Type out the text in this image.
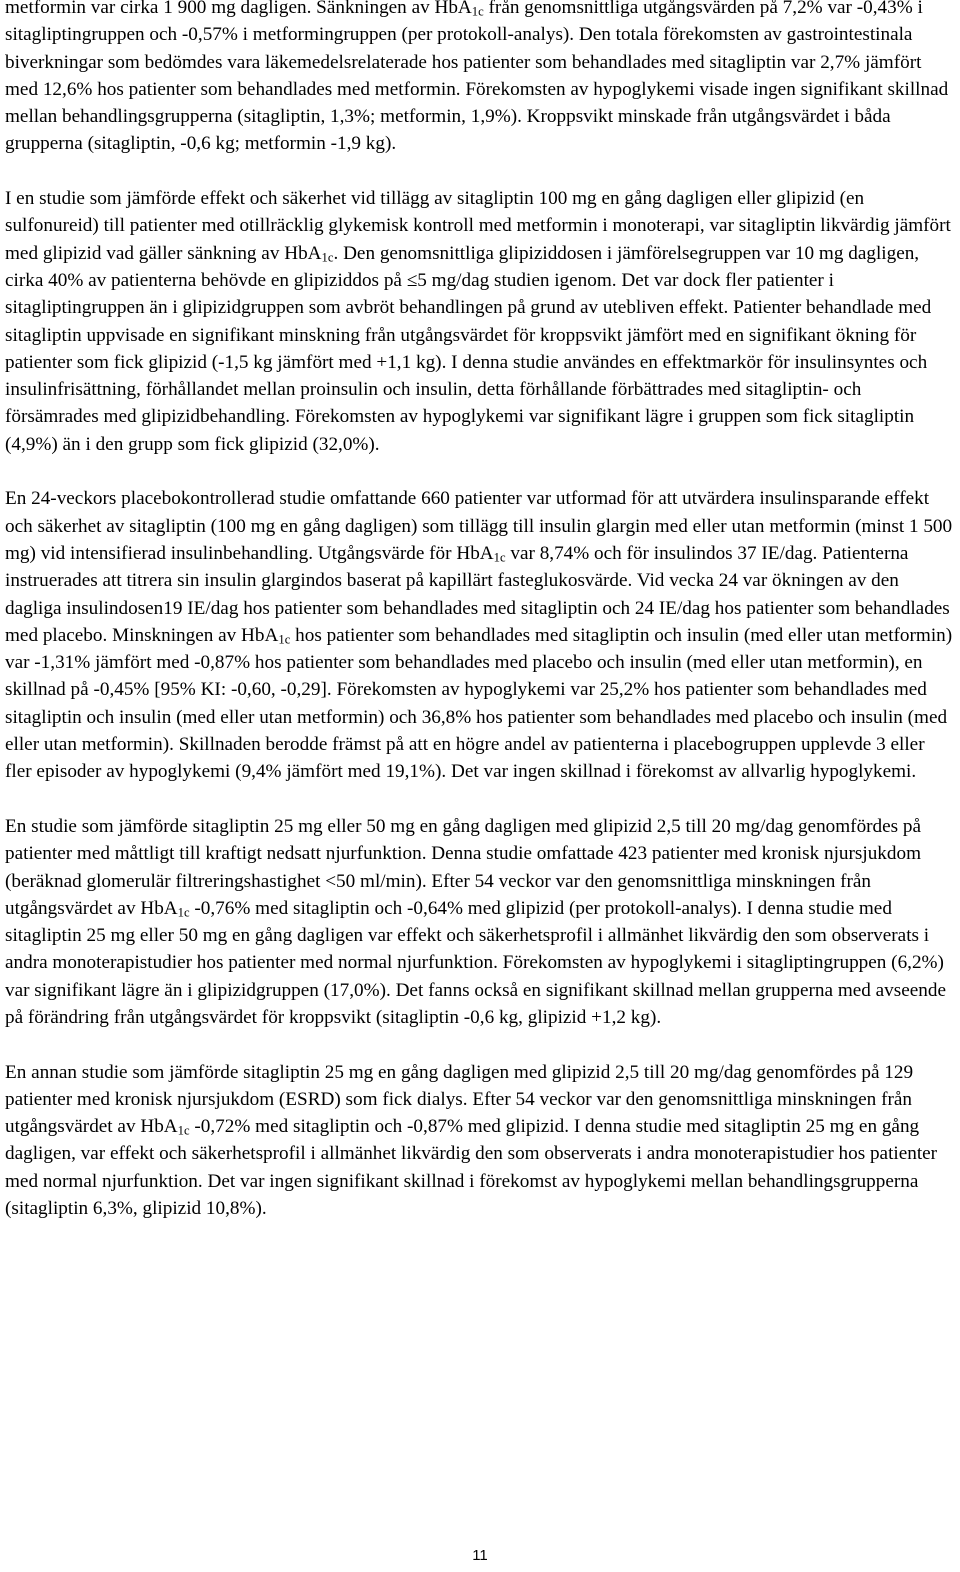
metformin var cirka 1 900 mg dagligen. Sänkningen av HbA1c från genomsnittliga utgångsvärden på 7,2% var -0,43% i sitagliptingruppen och -0,57% i metformingruppen (per protokoll-analys). Den totala förekomsten av gastrointestinala biverkningar som bedömdes vara läkemedelsrelaterade hos patienter som behandlades med sitagliptin var 2,7% jämfört med 12,6% hos patienter som behandlades med metformin. Förekomsten av hypoglykemi visade ingen signifikant skillnad mellan behandlingsgrupperna (sitagliptin, 1,3%; metformin, 1,9%). Kroppsvikt minskade från utgångsvärdet i båda grupperna (sitagliptin, -0,6 kg; metformin -1,9 kg).

I en studie som jämförde effekt och säkerhet vid tillägg av sitagliptin 100 mg en gång dagligen eller glipizid (en sulfonureid) till patienter med otillräcklig glykemisk kontroll med metformin i monoterapi, var sitagliptin likvärdig jämfört med glipizid vad gäller sänkning av HbA1c. Den genomsnittliga glipiziddosen i jämförelsegruppen var 10 mg dagligen, cirka 40% av patienterna behövde en glipiziddos på ≤5 mg/dag studien igenom. Det var dock fler patienter i sitagliptingruppen än i glipizidgruppen som avbröt behandlingen på grund av utebliven effekt. Patienter behandlade med sitagliptin uppvisade en signifikant minskning från utgångsvärdet för kroppsvikt jämfört med en signifikant ökning för patienter som fick glipizid (-1,5 kg jämfört med +1,1 kg). I denna studie användes en effektmarkör för insulinsyntes och insulinfrisättning, förhållandet mellan proinsulin och insulin, detta förhållande förbättrades med sitagliptin- och försämrades med glipizidbehandling. Förekomsten av hypoglykemi var signifikant lägre i gruppen som fick sitagliptin (4,9%) än i den grupp som fick glipizid (32,0%).

En 24-veckors placebokontrollerad studie omfattande 660 patienter var utformad för att utvärdera insulinsparande effekt och säkerhet av sitagliptin (100 mg en gång dagligen) som tillägg till insulin glargin med eller utan metformin (minst 1 500 mg) vid intensifierad insulinbehandling. Utgångsvärde för HbA1c var 8,74% och för insulindos 37 IE/dag. Patienterna instruerades att titrera sin insulin glargindos baserat på kapillärt fasteglukosvärde. Vid vecka 24 var ökningen av den dagliga insulindosen19 IE/dag hos patienter som behandlades med sitagliptin och 24 IE/dag hos patienter som behandlades med placebo. Minskningen av HbA1c hos patienter som behandlades med sitagliptin och insulin (med eller utan metformin) var -1,31% jämfört med -0,87% hos patienter som behandlades med placebo och insulin (med eller utan metformin), en skillnad på -0,45% [95% KI: -0,60, -0,29]. Förekomsten av hypoglykemi var 25,2% hos patienter som behandlades med sitagliptin och insulin (med eller utan metformin) och 36,8% hos patienter som behandlades med placebo och insulin (med eller utan metformin). Skillnaden berodde främst på att en högre andel av patienterna i placebogruppen upplevde 3 eller fler episoder av hypoglykemi (9,4% jämfört med 19,1%). Det var ingen skillnad i förekomst av allvarlig hypoglykemi.

En studie som jämförde sitagliptin 25 mg eller 50 mg en gång dagligen med glipizid 2,5 till 20 mg/dag genomfördes på patienter med måttligt till kraftigt nedsatt njurfunktion. Denna studie omfattade 423 patienter med kronisk njursjukdom (beräknad glomerulär filtreringshastighet <50 ml/min). Efter 54 veckor var den genomsnittliga minskningen från utgångsvärdet av HbA1c -0,76% med sitagliptin och -0,64% med glipizid (per protokoll-analys). I denna studie med sitagliptin 25 mg eller 50 mg en gång dagligen var effekt och säkerhetsprofil i allmänhet likvärdig den som observerats i andra monoterapistudier hos patienter med normal njurfunktion. Förekomsten av hypoglykemi i sitagliptingruppen (6,2%) var signifikant lägre än i glipizidgruppen (17,0%). Det fanns också en signifikant skillnad mellan grupperna med avseende på förändring från utgångsvärdet för kroppsvikt (sitagliptin -0,6 kg, glipizid +1,2 kg).

En annan studie som jämförde sitagliptin 25 mg en gång dagligen med glipizid 2,5 till 20 mg/dag genomfördes på 129 patienter med kronisk njursjukdom (ESRD) som fick dialys. Efter 54 veckor var den genomsnittliga minskningen från utgångsvärdet av HbA1c -0,72% med sitagliptin och -0,87% med glipizid. I denna studie med sitagliptin 25 mg en gång dagligen, var effekt och säkerhetsprofil i allmänhet likvärdig den som observerats i andra monoterapistudier hos patienter med normal njurfunktion. Det var ingen signifikant skillnad i förekomst av hypoglykemi mellan behandlingsgrupperna (sitagliptin 6,3%, glipizid 10,8%).

11
